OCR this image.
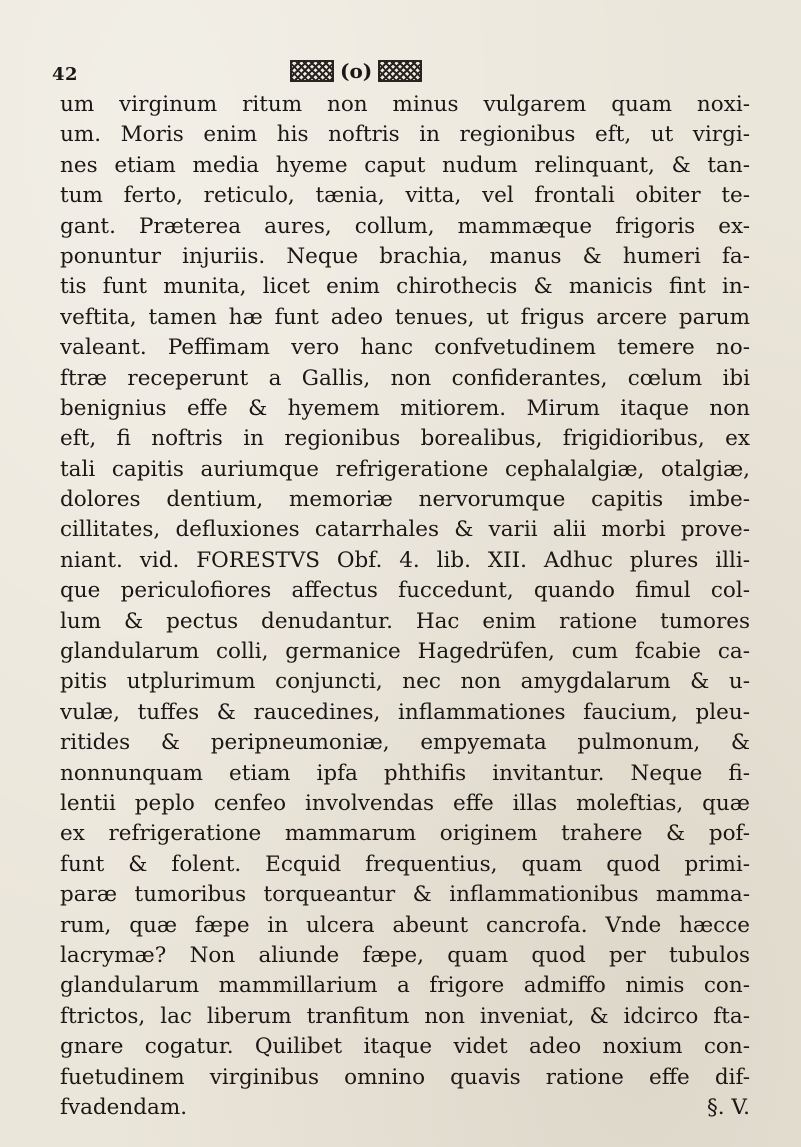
42	(o)
um virginum ritum non minus vulgarem quam noxi-
um. Moris enim his noftris in regionibus eft, ut virgi-
nes etiam media hyeme caput nudum relinquant, & tan-
tum ferto, reticulo, tænia, vitta, vel frontali obiter te-
gant. Præterea aures, collum, mammæque frigoris ex-
ponuntur injuriis. Neque brachia, manus & humeri fa-
tis funt munita, licet enim chirothecis & manicis fint in-
veftita, tamen hæ funt adeo tenues, ut frigus arcere parum
valeant. Peffimam vero hanc confvetudinem temere no-
ftræ receperunt a Gallis, non confiderantes, cœlum ibi
benignius effe & hyemem mitiorem. Mirum itaque non
eft, fi noftris in regionibus borealibus, frigidioribus, ex
tali capitis auriumque refrigeratione cephalalgiæ, otalgiæ,
dolores dentium, memoriæ nervorumque capitis imbe-
cillitates, defluxiones catarrhales & varii alii morbi prove-
niant. vid. FORESTVS Obf. 4. lib. XII. Adhuc plures illi-
que periculofiores affectus fuccedunt, quando fimul col-
lum & pectus denudantur. Hac enim ratione tumores
glandularum colli, germanice Hagedrüfen, cum fcabie ca-
pitis utplurimum conjuncti, nec non amygdalarum & u-
vulæ, tuffes & raucedines, inflammationes faucium, pleu-
ritides & peripneumoniæ, empyemata pulmonum, &
nonnunquam etiam ipfa phthifis invitantur. Neque fi-
lentii peplo cenfeo involvendas effe illas moleftias, quæ
ex refrigeratione mammarum originem trahere & pof-
funt & folent. Ecquid frequentius, quam quod primi-
paræ tumoribus torqueantur & inflammationibus mamma-
rum, quæ fæpe in ulcera abeunt cancrofa. Vnde hæcce
lacrymæ? Non aliunde fæpe, quam quod per tubulos
glandularum mammillarium a frigore admiffo nimis con-
ftrictos, lac liberum tranfitum non inveniat, & idcirco fta-
gnare cogatur. Quilibet itaque videt adeo noxium con-
fuetudinem virginibus omnino quavis ratione effe dif-
fvadendam.	§. V.
